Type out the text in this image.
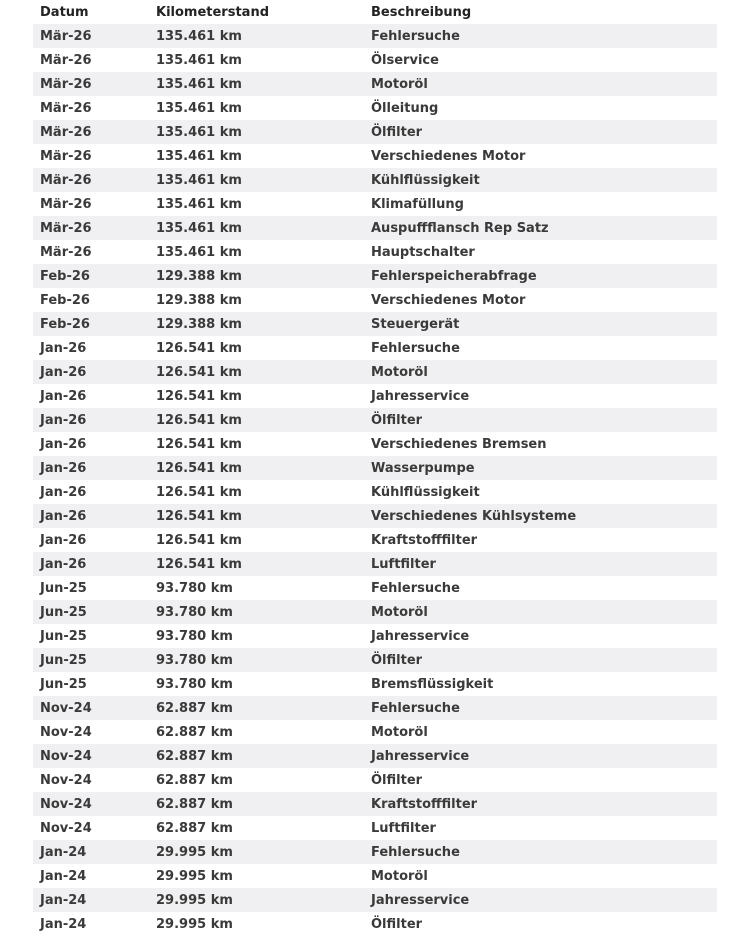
Datum	Kilometerstand	Beschreibung
Mär-26	135.461 km	Fehlersuche
Mär-26	135.461 km	Ölservice
Mär-26	135.461 km	Motoröl
Mär-26	135.461 km	Ölleitung
Mär-26	135.461 km	Ölfilter
Mär-26	135.461 km	Verschiedenes Motor
Mär-26	135.461 km	Kühlflüssigkeit
Mär-26	135.461 km	Klimafüllung
Mär-26	135.461 km	Auspuffflansch Rep Satz
Mär-26	135.461 km	Hauptschalter
Feb-26	129.388 km	Fehlerspeicherabfrage
Feb-26	129.388 km	Verschiedenes Motor
Feb-26	129.388 km	Steuergerät
Jan-26	126.541 km	Fehlersuche
Jan-26	126.541 km	Motoröl
Jan-26	126.541 km	Jahresservice
Jan-26	126.541 km	Ölfilter
Jan-26	126.541 km	Verschiedenes Bremsen
Jan-26	126.541 km	Wasserpumpe
Jan-26	126.541 km	Kühlflüssigkeit
Jan-26	126.541 km	Verschiedenes Kühlsysteme
Jan-26	126.541 km	Kraftstofffilter
Jan-26	126.541 km	Luftfilter
Jun-25	93.780 km	Fehlersuche
Jun-25	93.780 km	Motoröl
Jun-25	93.780 km	Jahresservice
Jun-25	93.780 km	Ölfilter
Jun-25	93.780 km	Bremsflüssigkeit
Nov-24	62.887 km	Fehlersuche
Nov-24	62.887 km	Motoröl
Nov-24	62.887 km	Jahresservice
Nov-24	62.887 km	Ölfilter
Nov-24	62.887 km	Kraftstofffilter
Nov-24	62.887 km	Luftfilter
Jan-24	29.995 km	Fehlersuche
Jan-24	29.995 km	Motoröl
Jan-24	29.995 km	Jahresservice
Jan-24	29.995 km	Ölfilter
